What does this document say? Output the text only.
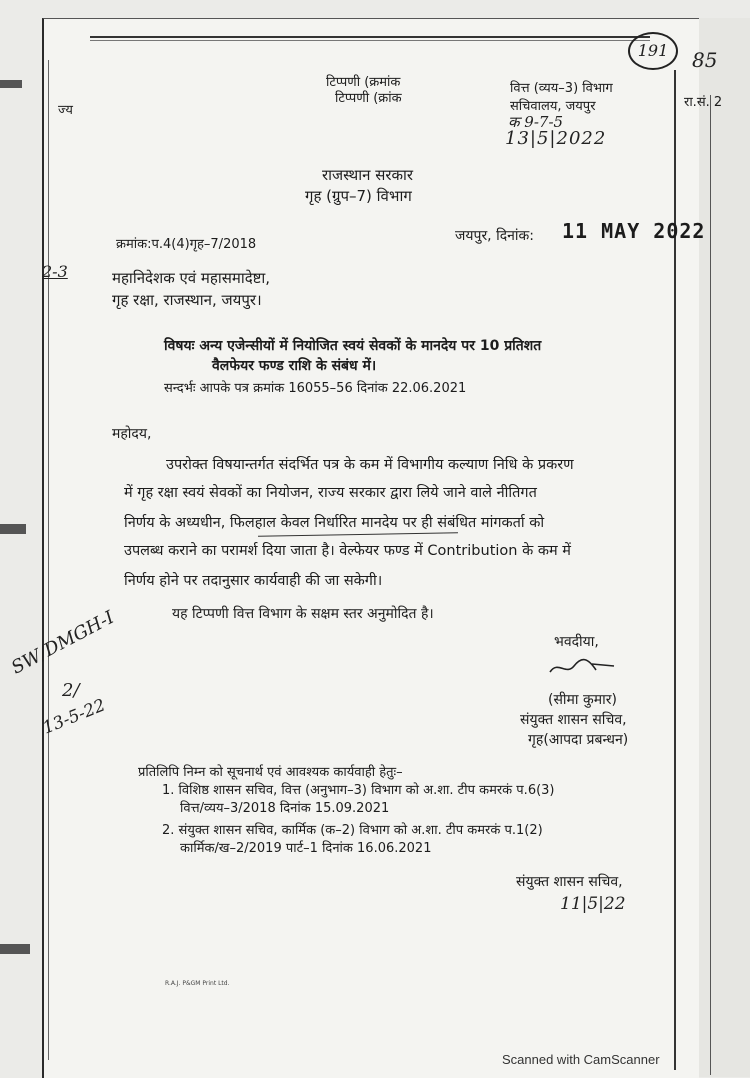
टिप्पणी (क्रमांक
टिप्पणी (क्रांक
वित्त (व्यय–3) विभाग
सचिवालय, जयपुर
क 9-7-5
13|5|2022
191	85
रा.सं. 2
ज्य
राजस्थान सरकार
गृह (ग्रुप–7) विभाग
क्रमांक:प.4(4)गृह–7/2018
जयपुर, दिनांक: 11 MAY 2022
2-3	महानिदेशक एवं महासमादेष्टा,
गृह रक्षा, राजस्थान, जयपुर।
विषयः अन्य एजेन्सीयों में नियोजित स्वयं सेवकों के मानदेय पर 10 प्रतिशत
वैलफेयर फण्ड राशि के संबंध में।
सन्दर्भः आपके पत्र क्रमांक 16055–56 दिनांक 22.06.2021
महोदय,
उपरोक्त विषयान्तर्गत संदर्भित पत्र के कम में विभागीय कल्याण निधि के प्रकरण
में गृह रक्षा स्वयं सेवकों का नियोजन, राज्य सरकार द्वारा लिये जाने वाले नीतिगत
निर्णय के अध्यधीन, फिलहाल केवल निर्धारित मानदेय पर ही संबंधित मांगकर्ता को
उपलब्ध कराने का परामर्श दिया जाता है। वेल्फेयर फण्ड में Contribution के कम में
निर्णय होने पर तदानुसार कार्यवाही की जा सकेगी।
यह टिप्पणी वित्त विभाग के सक्षम स्तर अनुमोदित है।
भवदीया,
(सीमा कुमार)
संयुक्त शासन सचिव,
गृह(आपदा प्रबन्धन)
SW/DMGH-I
2/
13-5-22
प्रतिलिपि निम्न को सूचनार्थ एवं आवश्यक कार्यवाही हेतुः–
1. विशिष्ठ शासन सचिव, वित्त (अनुभाग–3) विभाग को अ.शा. टीप कमरकं प.6(3)
वित्त/व्यय–3/2018 दिनांक 15.09.2021
2. संयुक्त शासन सचिव, कार्मिक (क–2) विभाग को अ.शा. टीप कमरकं प.1(2)
कार्मिक/ख–2/2019 पार्ट–1 दिनांक 16.06.2021
संयुक्त शासन सचिव,
11|5|22
R.A.J. P&GM Print Ltd.
Scanned with CamScanner
